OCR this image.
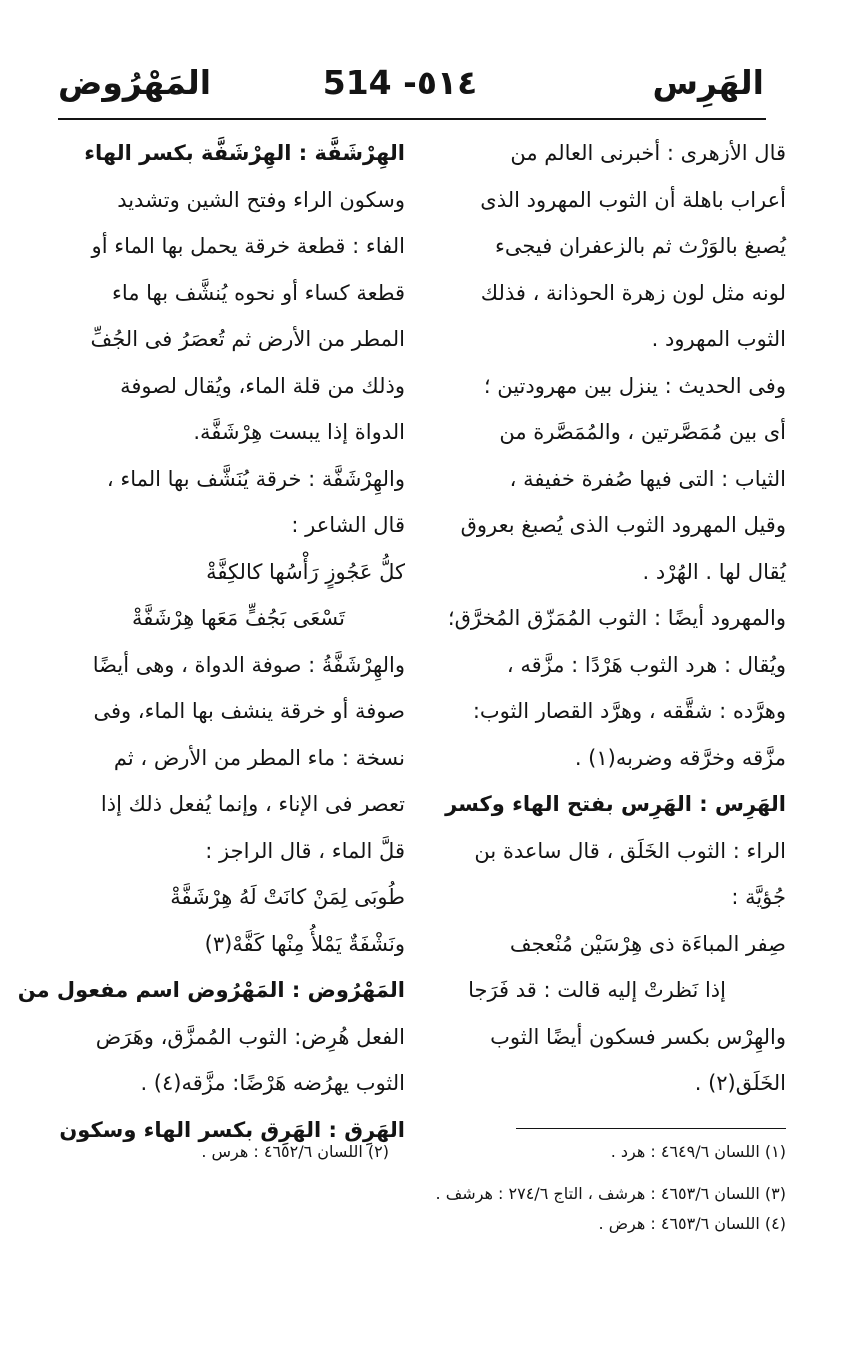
الهَرِس
514 -٥١٤
المَهْرُوض

قال الأزهرى : أخبرنى العالم من

أعراب باهلة أن الثوب المهرود الذى

يُصبغ بالوَرْث ثم بالزعفران فيجىء

لونه مثل لون زهرة الحوذانة ، فذلك

الثوب المهرود .

وفى الحديث : ينزل بين مهرودتين ؛

أى بين مُمَصَّرتين ، والمُمَصَّرة من

الثياب : التى فيها صُفرة خفيفة ،

وقيل المهرود الثوب الذى يُصبغ بعروق

يُقال لها . الهُرْد .

والمهرود أيضًا : الثوب المُمَزّق المُخرَّق؛

ويُقال : هرد الثوب هَرْدًا : مزَّقه ،

وهرَّده : شقَّقه ، وهرَّد القصار الثوب:

مزَّقه وخرَّقه وضربه(١) .

الهَرِس : الهَرِس بفتح الهاء وكسر

الراء : الثوب الخَلَق ، قال ساعدة بن

جُؤيَّة :

صِفر المباءَة ذى هِرْسَيْن مُنْعجف

إذا نَظرتْ إليه قالت : قد فَرَجا

والهِرْس بكسر فسكون أيضًا الثوب

الخَلَق(٢) .

الهِرْشَفَّة : الهِرْشَفَّة بكسر الهاء

وسكون الراء وفتح الشين وتشديد

الفاء : قطعة خرقة يحمل بها الماء أو

قطعة كساء أو نحوه يُنشَّف بها ماء

المطر من الأرض ثم تُعصَرُ فى الجُفِّ

وذلك من قلة الماء، ويُقال لصوفة

الدواة إذا يبست هِرْشَفَّة.

والهِرْشَفَّة : خرقة يُنَشَّف بها الماء ،

قال الشاعر :

كلُّ عَجُوزٍ رَأْسُها كالكِفَّةْ

تَسْعَى بَجُفٍّ مَعَها هِرْشَفَّةْ

والهِرْشَفَّةُ : صوفة الدواة ، وهى أيضًا

صوفة أو خرقة ينشف بها الماء، وفى

نسخة : ماء المطر من الأرض ، ثم

تعصر فى الإناء ، وإنما يُفعل ذلك إذا

قلَّ الماء ، قال الراجز :

طُوبَى لِمَنْ كانَتْ لَهُ هِرْشَفَّةْ

ونَشْفَةٌ يَمْلأُ مِنْها كَفَّهْ(٣)

المَهْرُوض : المَهْرُوض اسم مفعول من

الفعل هُرِض: الثوب المُمزَّق، وهَرَض

الثوب يهرُضه هَرْضًا: مزَّقه(٤) .

الهَرِق : الهَرِق بكسر الهاء وسكون

(١) اللسان ٤٦٤٩/٦ : هرد .
(٢) اللسان ٤٦٥٢/٦ : هرس .
(٣) اللسان ٤٦٥٣/٦ : هرشف ، التاج ٢٧٤/٦ : هرشف .
(٤) اللسان ٤٦٥٣/٦ : هرض .
